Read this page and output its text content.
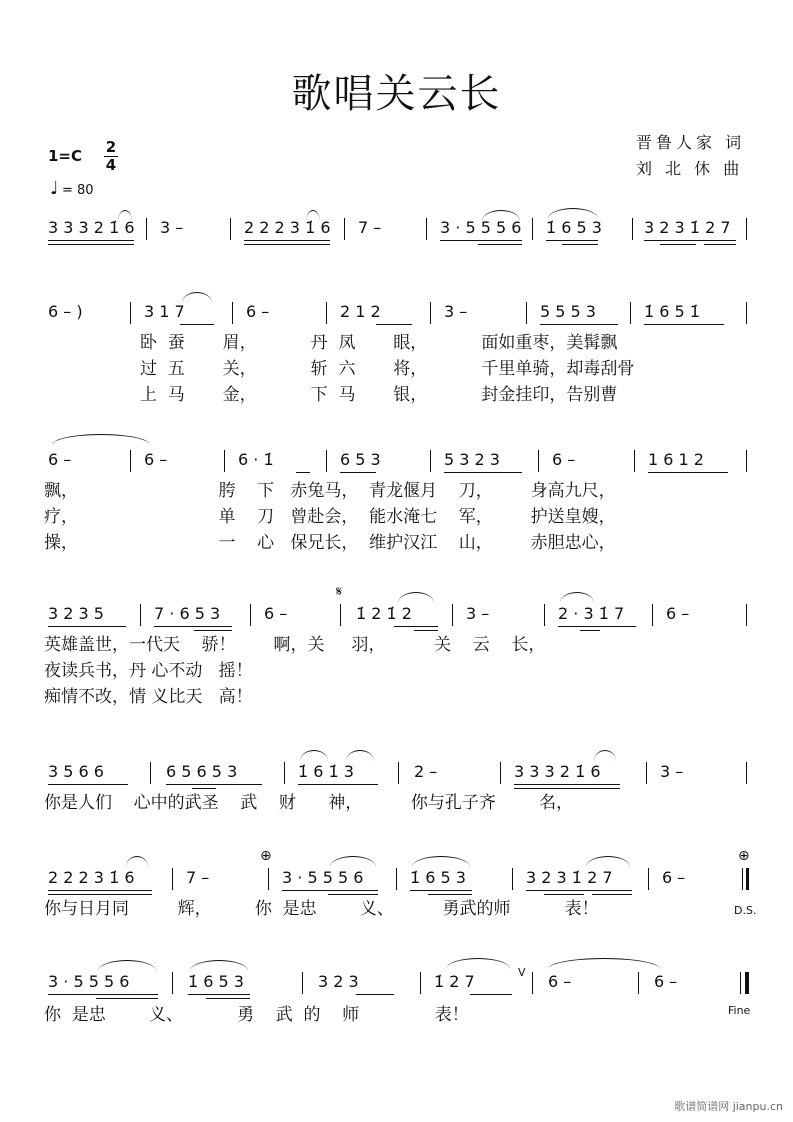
歌唱关云长
晋鲁人家 词
刘 北 休 曲
1=C 2
4
♩ = 80
3 3 3 2 1̇ 6 3 –	2 2 2 3 1̇ 6 7 –	3 · 5 5 5 6 1̇ 6 5 3	3 2 3 1̇ 2 7
6 – )	3 1 7	6 –	2 1 2	3 –	5 5 5 3	1̇ 6 5 1̇
卧  蚕       眉，          丹  凤       眼，          面如重枣，美髯飘
过  五       关，          斩  六       将，          千里单骑，却毒刮骨
上  马       金，          下  马       银，          封金挂印，告别曹
6 –	6 –	6 · 1̇	6 5 3	5 3 2 3	6 –	1 6 1 2
飘，                          胯    下   赤兔马，  青龙偃月    刀，       身高九尺，
疗，                          单    刀   曾赴会，  能水淹七    军，       护送皇嫂，
操，                          一    心   保兄长，  维护汉江    山，       赤胆忠心，
3 2 3 5	7 · 6 5 3	6 –
𝄋
1̇ 2 1̇ 2	3 –	2 · 3 1̇ 7	6 –
英雄盖世，一代天    骄！       啊，关     羽，         关    云    长，
夜读兵书，丹 心不动   摇！
痴情不改，情 义比天   高！
3 5 6 6	6 5 6 5 3	1̇ 6 1̇ 3	2 –	3 3 3 2 1̇ 6	3 –
你是人们    心中的武圣    武    财      神，         你与孔子齐        名，
2 2 2 3 1̇ 6	7 –
⊕
3 · 5 5 5 6	1̇ 6 5 3	3 2 3 1̇ 2 7	6 –
⊕
D.S.
你与日月同         辉，        你  是忠        义、         勇武的师          表！
3 · 5 5 5 6	1̇ 6 5 3	3 2 3	1̇ 2 7	V 6 –	6 –
Fine
你  是忠        义、          勇    武  的    师              表！
歌谱简谱网 jianpu.cn
